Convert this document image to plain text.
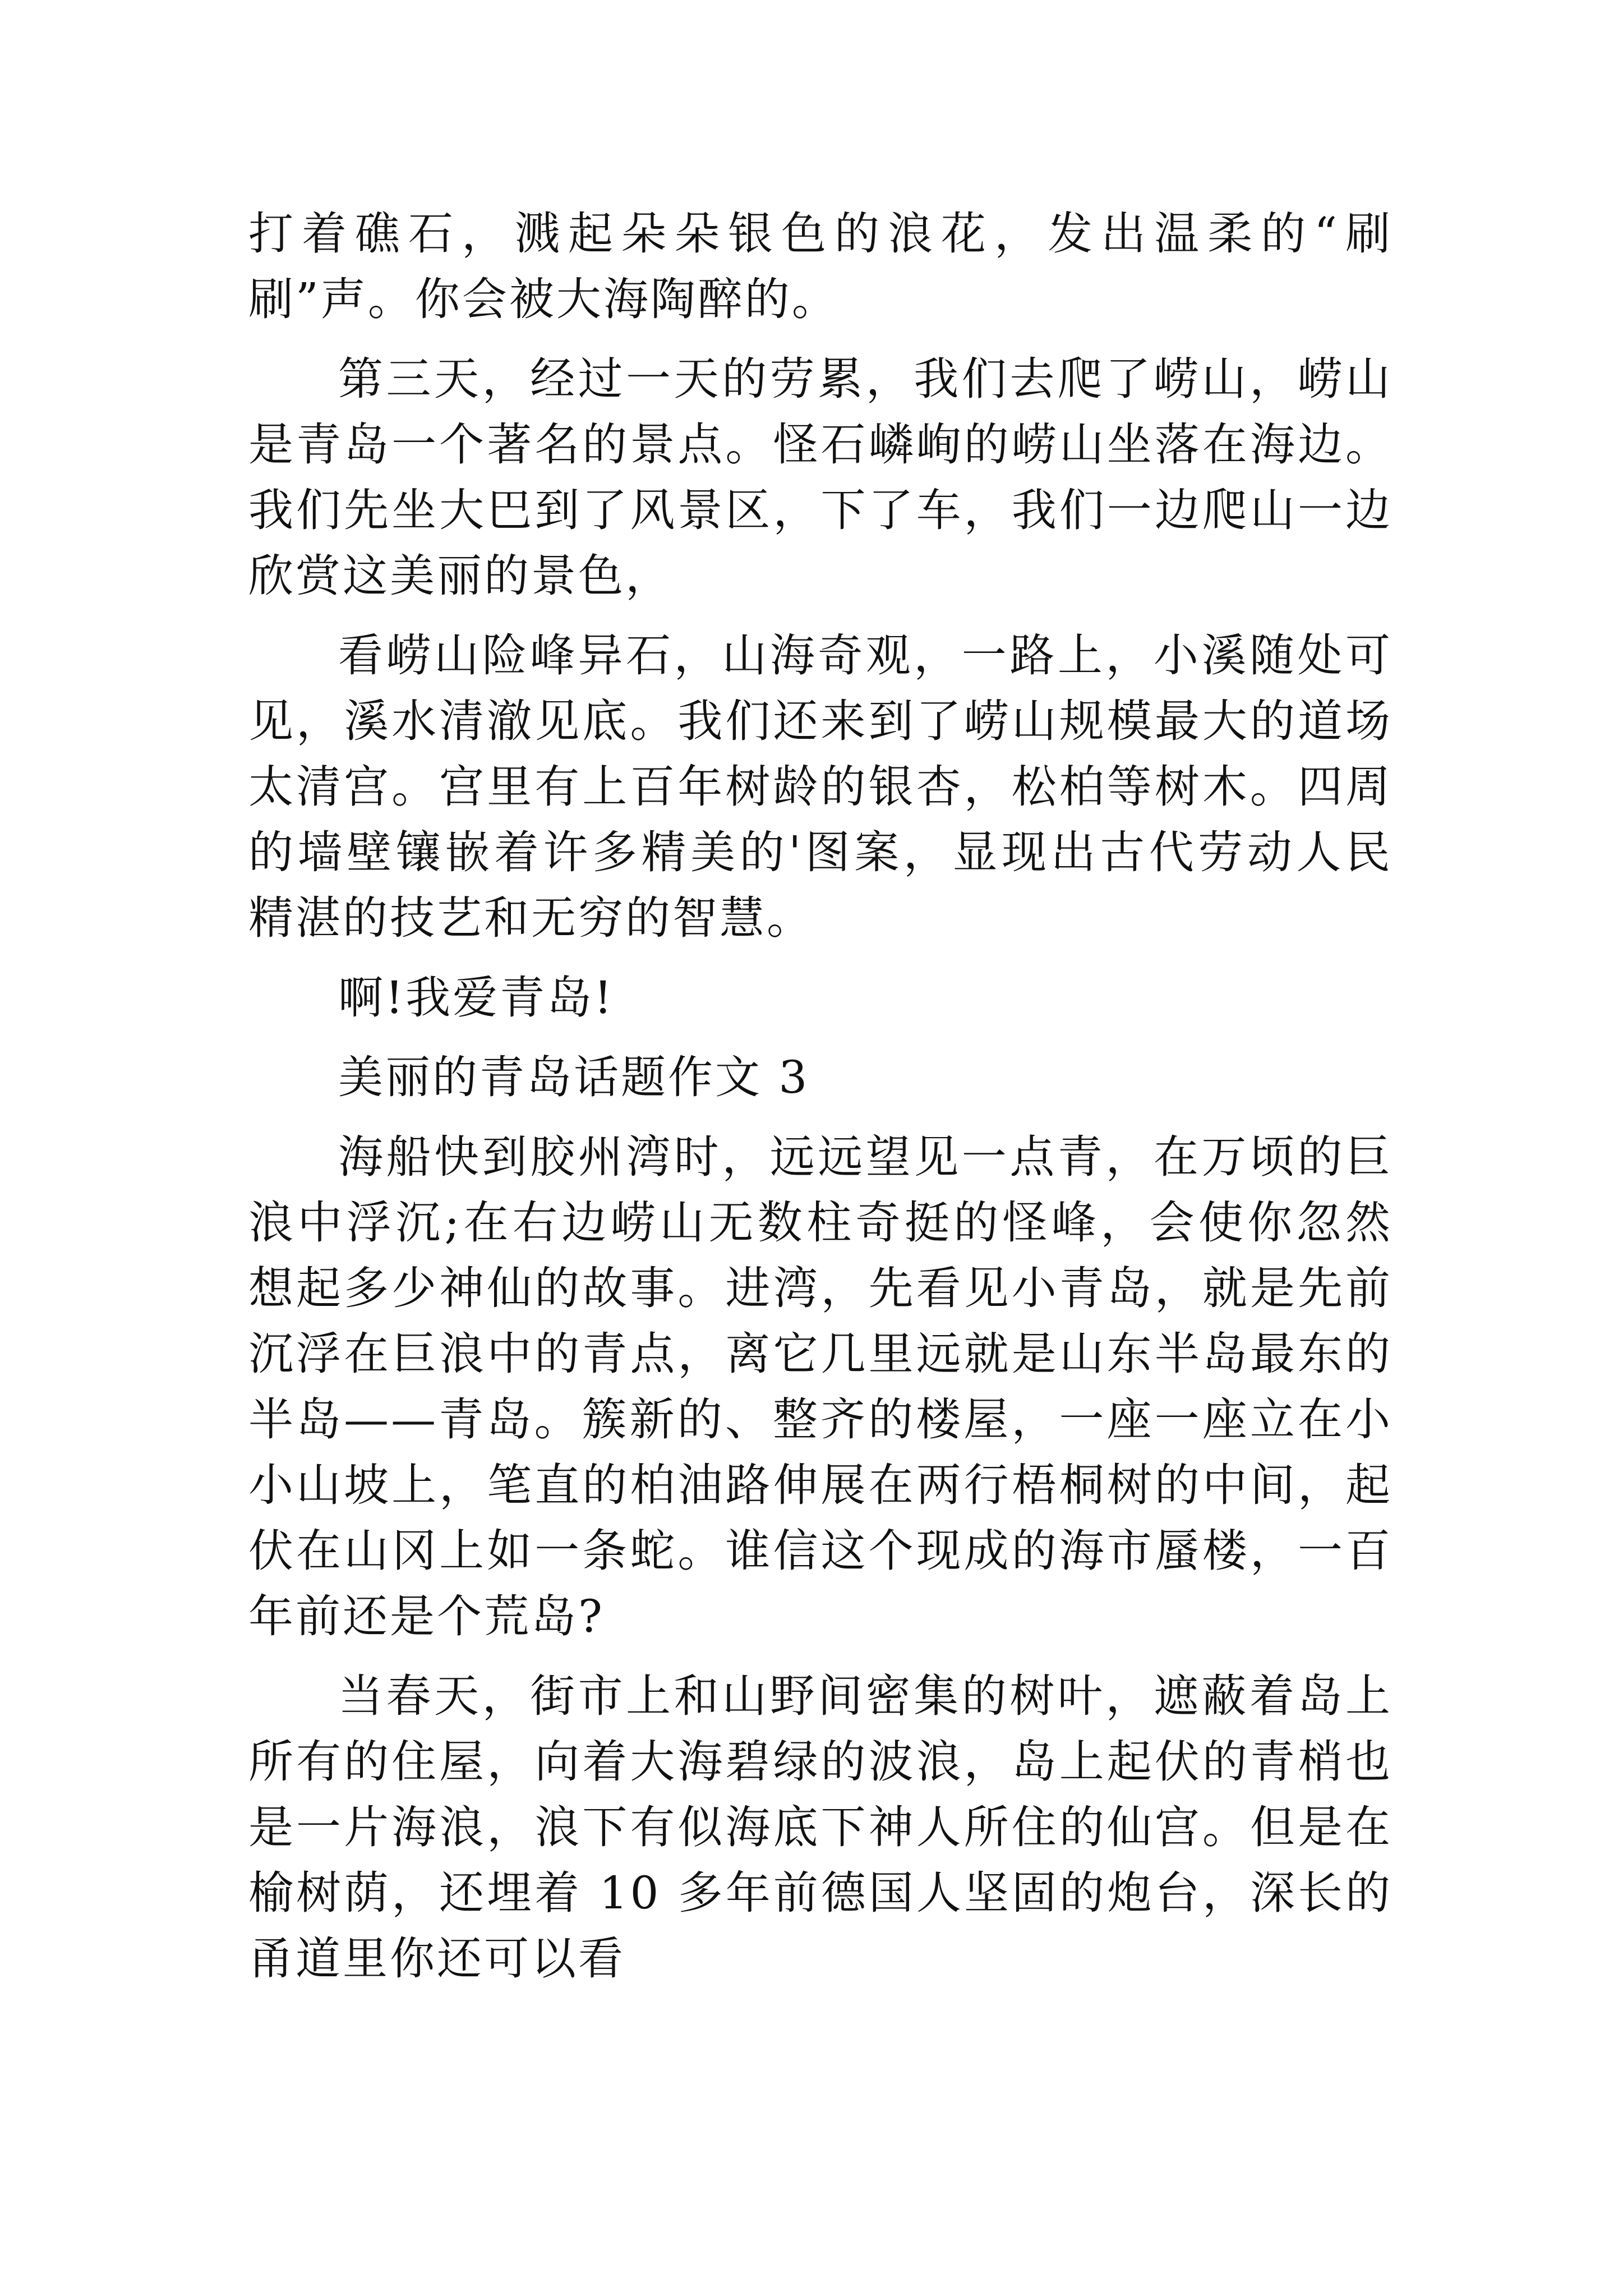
打着礁石，溅起朵朵银色的浪花，发出温柔的“刷刷”声。你会被大海陶醉的。

第三天，经过一天的劳累，我们去爬了崂山，崂山是青岛一个著名的景点。怪石嶙峋的崂山坐落在海边。我们先坐大巴到了风景区，下了车，我们一边爬山一边欣赏这美丽的景色，

看崂山险峰异石，山海奇观，一路上，小溪随处可见，溪水清澈见底。我们还来到了崂山规模最大的道场太清宫。宫里有上百年树龄的银杏，松柏等树木。四周的墙壁镶嵌着许多精美的'图案，显现出古代劳动人民精湛的技艺和无穷的智慧。

啊!我爱青岛!

美丽的青岛话题作文 3

海船快到胶州湾时，远远望见一点青，在万顷的巨浪中浮沉;在右边崂山无数柱奇挺的怪峰，会使你忽然想起多少神仙的故事。进湾，先看见小青岛，就是先前沉浮在巨浪中的青点，离它几里远就是山东半岛最东的半岛——青岛。簇新的、整齐的楼屋，一座一座立在小小山坡上，笔直的柏油路伸展在两行梧桐树的中间，起伏在山冈上如一条蛇。谁信这个现成的海市蜃楼，一百年前还是个荒岛?

当春天，街市上和山野间密集的树叶，遮蔽着岛上所有的住屋，向着大海碧绿的波浪，岛上起伏的青梢也是一片海浪，浪下有似海底下神人所住的仙宫。但是在榆树荫，还埋着 10 多年前德国人坚固的炮台，深长的甬道里你还可以看
